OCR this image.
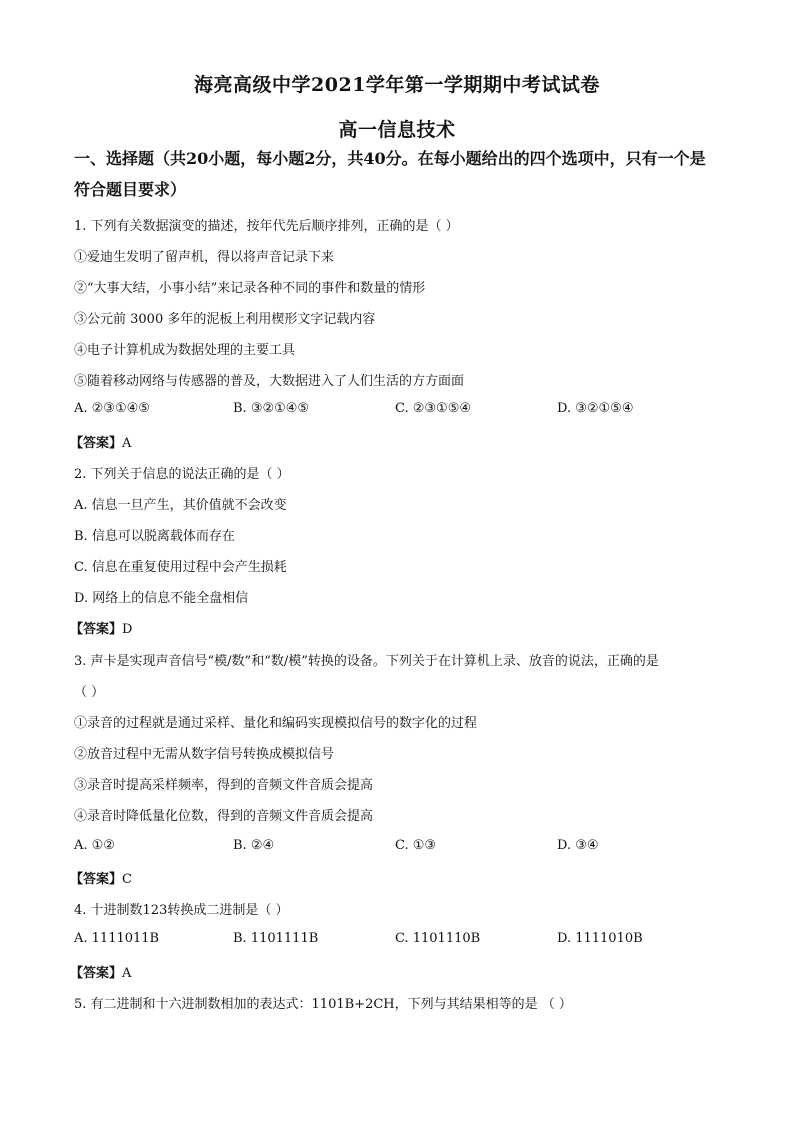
海亮高级中学2021学年第一学期期中考试试卷
高一信息技术
一、选择题（共20小题，每小题2分，共40分。在每小题给出的四个选项中，只有一个是
符合题目要求）
1. 下列有关数据演变的描述，按年代先后顺序排列，正确的是（ ）
①爱迪生发明了留声机，得以将声音记录下来
②“大事大结，小事小结”来记录各种不同的事件和数量的情形
③公元前 3000 多年的泥板上利用楔形文字记载内容
④电子计算机成为数据处理的主要工具
⑤随着移动网络与传感器的普及，大数据进入了人们生活的方方面面
A. ②③①④⑤	B. ③②①④⑤	C. ②③①⑤④	D. ③②①⑤④
【答案】A
2. 下列关于信息的说法正确的是（ ）
A. 信息一旦产生，其价值就不会改变
B. 信息可以脱离载体而存在
C. 信息在重复使用过程中会产生损耗
D. 网络上的信息不能全盘相信
【答案】D
3. 声卡是实现声音信号“模/数”和“数/模”转换的设备。下列关于在计算机上录、放音的说法，正确的是
（ ）
①录音的过程就是通过采样、量化和编码实现模拟信号的数字化的过程
②放音过程中无需从数字信号转换成模拟信号
③录音时提高采样频率，得到的音频文件音质会提高
④录音时降低量化位数，得到的音频文件音质会提高
A. ①②	B. ②④	C. ①③	D. ③④
【答案】C
4. 十进制数123转换成二进制是（ ）
A. 1111011B	B. 1101111B	C. 1101110B	D. 1111010B
【答案】A
5. 有二进制和十六进制数相加的表达式：1101B+2CH，下列与其结果相等的是 （ ）
